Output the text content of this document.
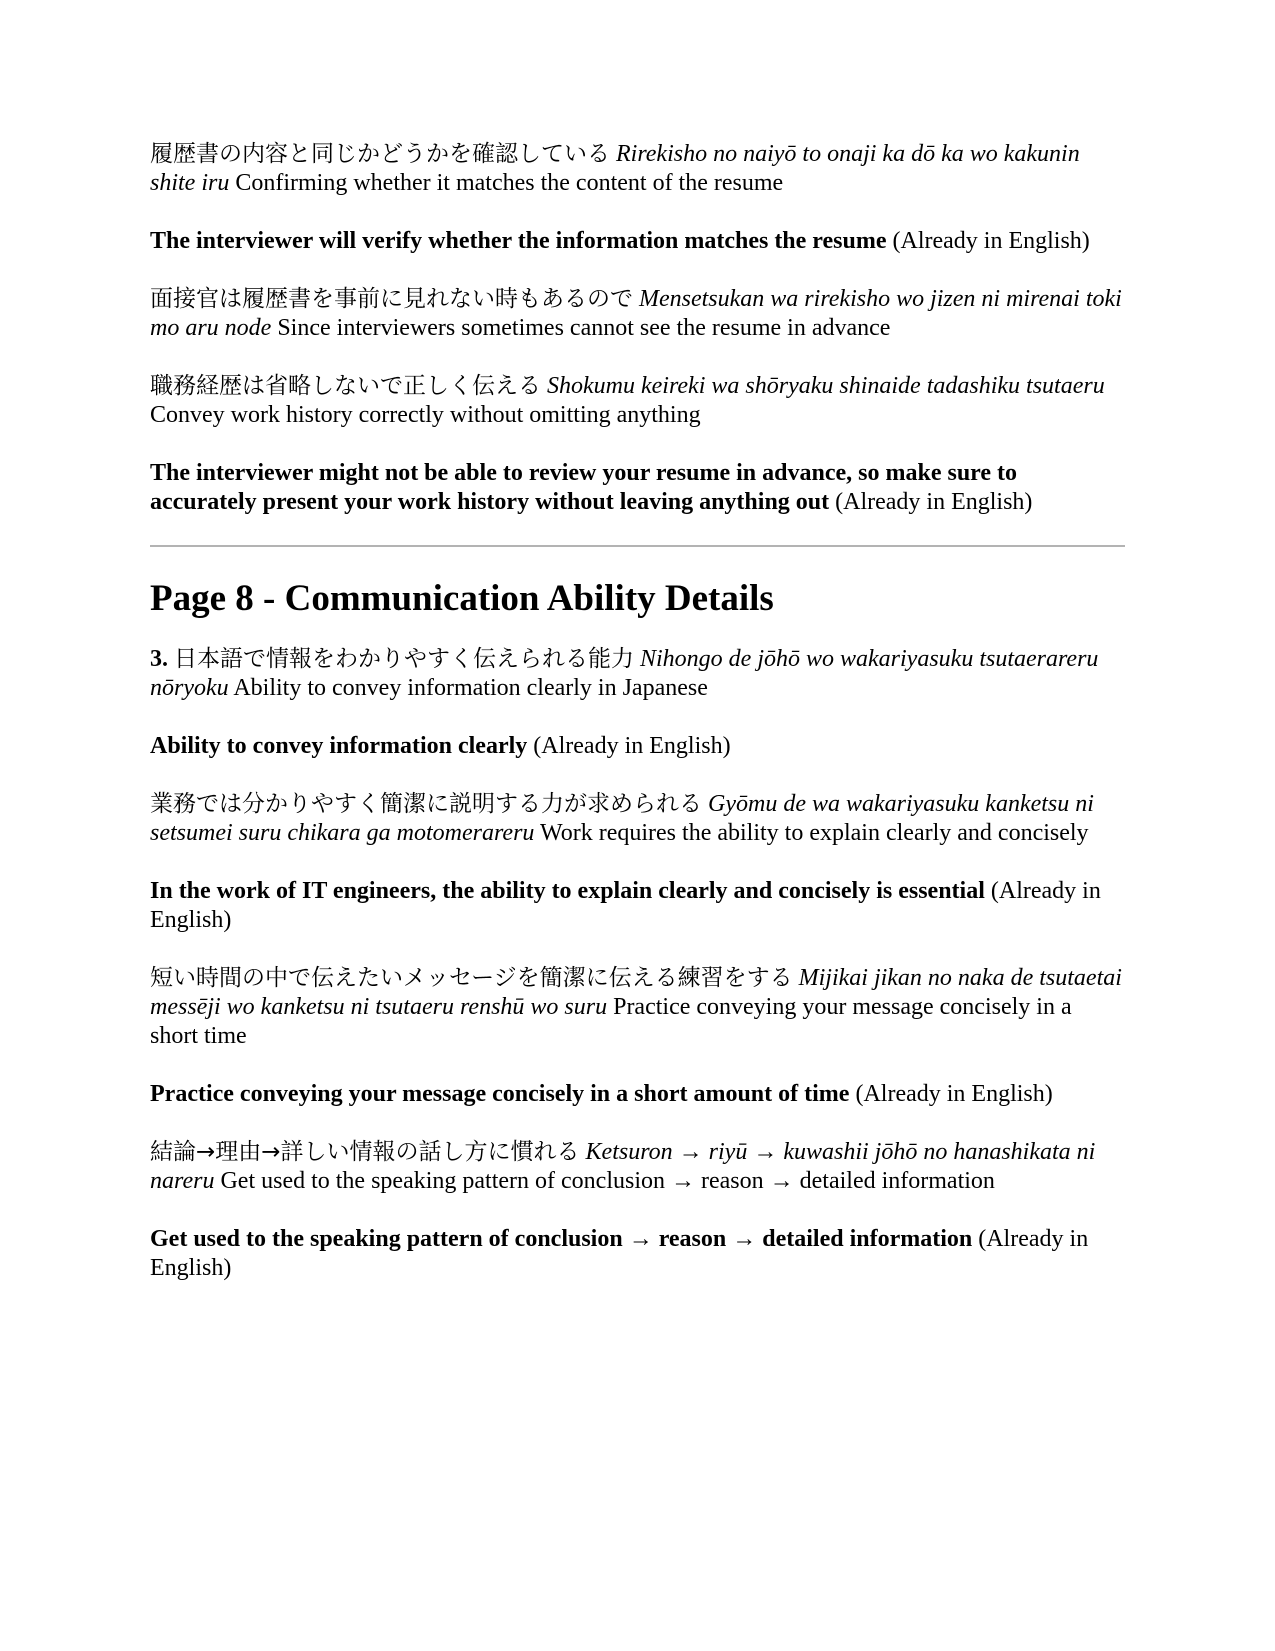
履歴書の内容と同じかどうかを確認している Rirekisho no naiyō to onaji ka dō ka wo kakunin shite iru Confirming whether it matches the content of the resume

The interviewer will verify whether the information matches the resume (Already in English)

面接官は履歴書を事前に見れない時もあるので Mensetsukan wa rirekisho wo jizen ni mirenai toki mo aru node Since interviewers sometimes cannot see the resume in advance

職務経歴は省略しないで正しく伝える Shokumu keireki wa shōryaku shinaide tadashiku tsutaeru Convey work history correctly without omitting anything

The interviewer might not be able to review your resume in advance, so make sure to accurately present your work history without leaving anything out (Already in English)

Page 8 - Communication Ability Details

3. 日本語で情報をわかりやすく伝えられる能力 Nihongo de jōhō wo wakariyasuku tsutaerareru nōryoku Ability to convey information clearly in Japanese

Ability to convey information clearly (Already in English)

業務では分かりやすく簡潔に説明する力が求められる Gyōmu de wa wakariyasuku kanketsu ni setsumei suru chikara ga motomerareru Work requires the ability to explain clearly and concisely

In the work of IT engineers, the ability to explain clearly and concisely is essential (Already in English)

短い時間の中で伝えたいメッセージを簡潔に伝える練習をする Mijikai jikan no naka de tsutaetai messēji wo kanketsu ni tsutaeru renshū wo suru Practice conveying your message concisely in a short time

Practice conveying your message concisely in a short amount of time (Already in English)

結論→理由→詳しい情報の話し方に慣れる Ketsuron → riyū → kuwashii jōhō no hanashikata ni nareru Get used to the speaking pattern of conclusion → reason → detailed information

Get used to the speaking pattern of conclusion → reason → detailed information (Already in English)
